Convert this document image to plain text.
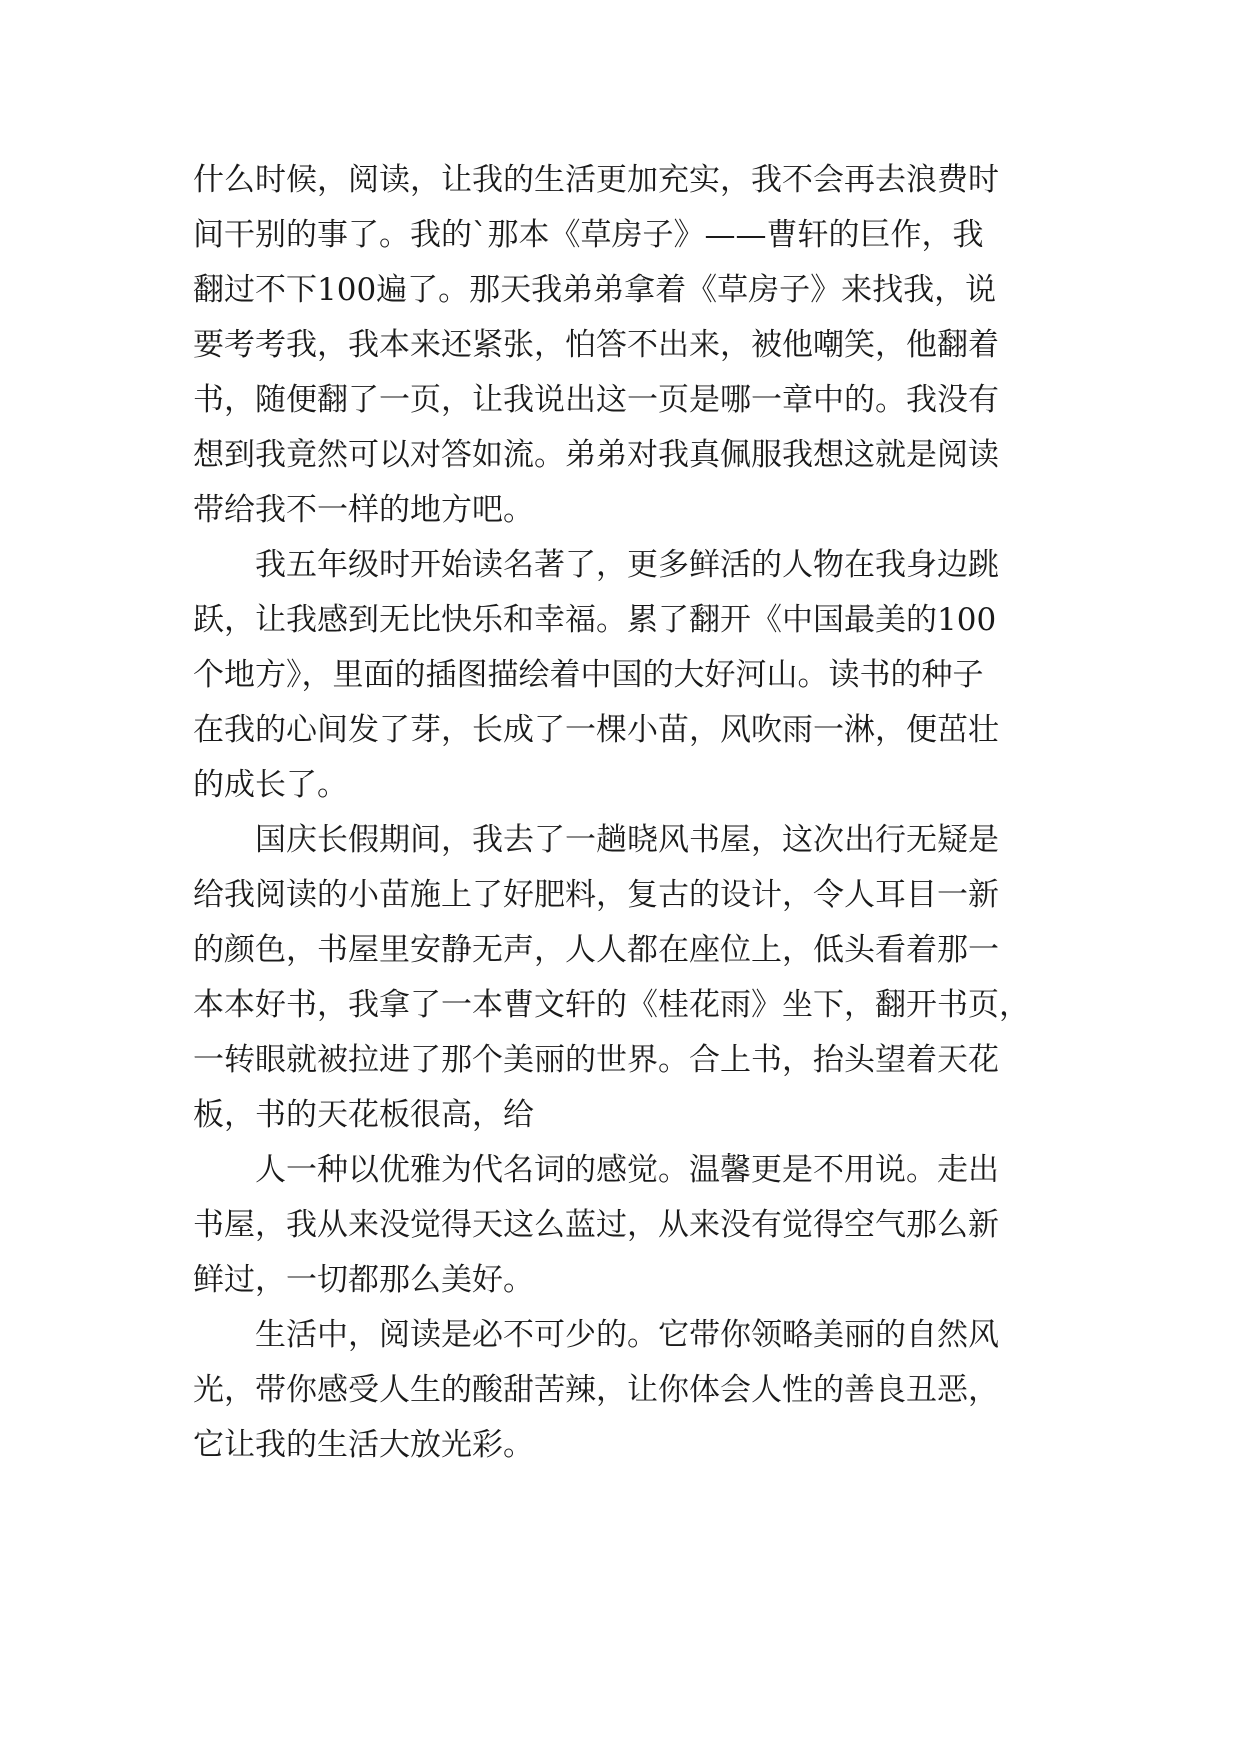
什么时候，阅读，让我的生活更加充实，我不会再去浪费时
间干别的事了。我的`那本《草房子》——曹轩的巨作，我
翻过不下100遍了。那天我弟弟拿着《草房子》来找我，说
要考考我，我本来还紧张，怕答不出来，被他嘲笑，他翻着
书，随便翻了一页，让我说出这一页是哪一章中的。我没有
想到我竟然可以对答如流。弟弟对我真佩服我想这就是阅读
带给我不一样的地方吧。
我五年级时开始读名著了，更多鲜活的人物在我身边跳
跃，让我感到无比快乐和幸福。累了翻开《中国最美的100
个地方》，里面的插图描绘着中国的大好河山。读书的种子
在我的心间发了芽，长成了一棵小苗，风吹雨一淋，便茁壮
的成长了。
国庆长假期间，我去了一趟晓风书屋，这次出行无疑是
给我阅读的小苗施上了好肥料，复古的设计，令人耳目一新
的颜色，书屋里安静无声，人人都在座位上，低头看着那一
本本好书，我拿了一本曹文轩的《桂花雨》坐下，翻开书页，
一转眼就被拉进了那个美丽的世界。合上书，抬头望着天花
板，书的天花板很高，给
人一种以优雅为代名词的感觉。温馨更是不用说。走出
书屋，我从来没觉得天这么蓝过，从来没有觉得空气那么新
鲜过，一切都那么美好。
生活中，阅读是必不可少的。它带你领略美丽的自然风
光，带你感受人生的酸甜苦辣，让你体会人性的善良丑恶，
它让我的生活大放光彩。
